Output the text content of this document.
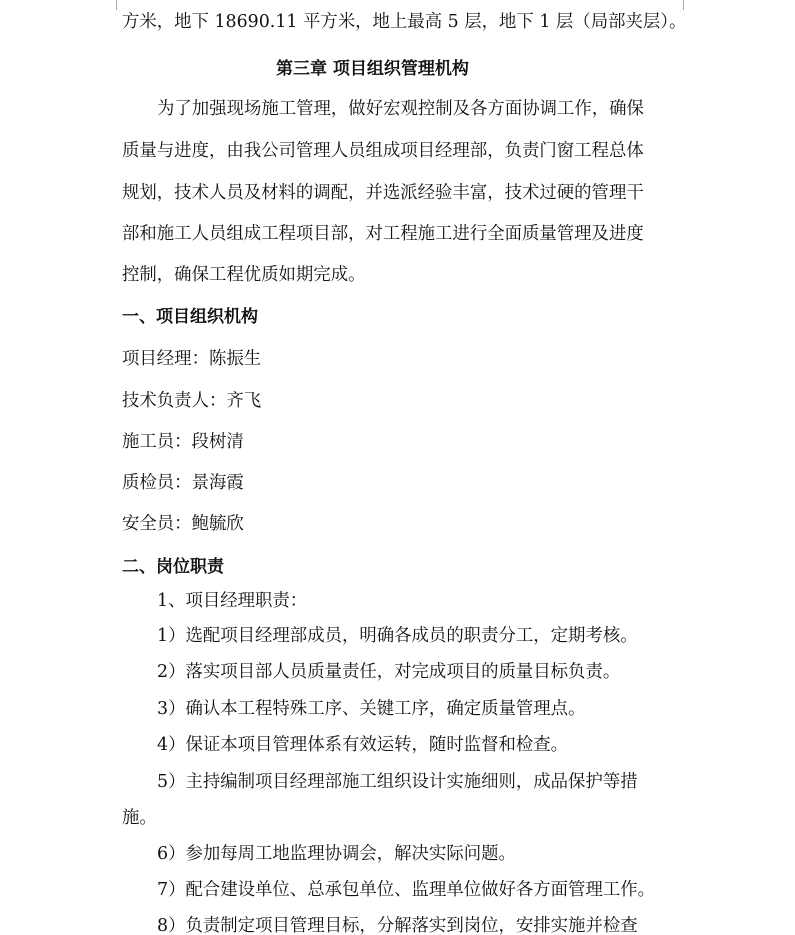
方米，地下 18690.11 平方米，地上最高 5 层，地下 1 层（局部夹层）。
第三章 项目组织管理机构
为了加强现场施工管理，做好宏观控制及各方面协调工作，确保
质量与进度，由我公司管理人员组成项目经理部，负责门窗工程总体
规划，技术人员及材料的调配，并选派经验丰富，技术过硬的管理干
部和施工人员组成工程项目部，对工程施工进行全面质量管理及进度
控制，确保工程优质如期完成。
一、项目组织机构
项目经理：陈振生
技术负责人：齐飞
施工员：段树清
质检员：景海霞
安全员：鲍毓欣
二、岗位职责
1、项目经理职责：
1）选配项目经理部成员，明确各成员的职责分工，定期考核。
2）落实项目部人员质量责任，对完成项目的质量目标负责。
3）确认本工程特殊工序、关键工序，确定质量管理点。
4）保证本项目管理体系有效运转，随时监督和检查。
5）主持编制项目经理部施工组织设计实施细则，成品保护等措
施。
6）参加每周工地监理协调会，解决实际问题。
7）配合建设单位、总承包单位、监理单位做好各方面管理工作。
8）负责制定项目管理目标，分解落实到岗位，安排实施并检查
